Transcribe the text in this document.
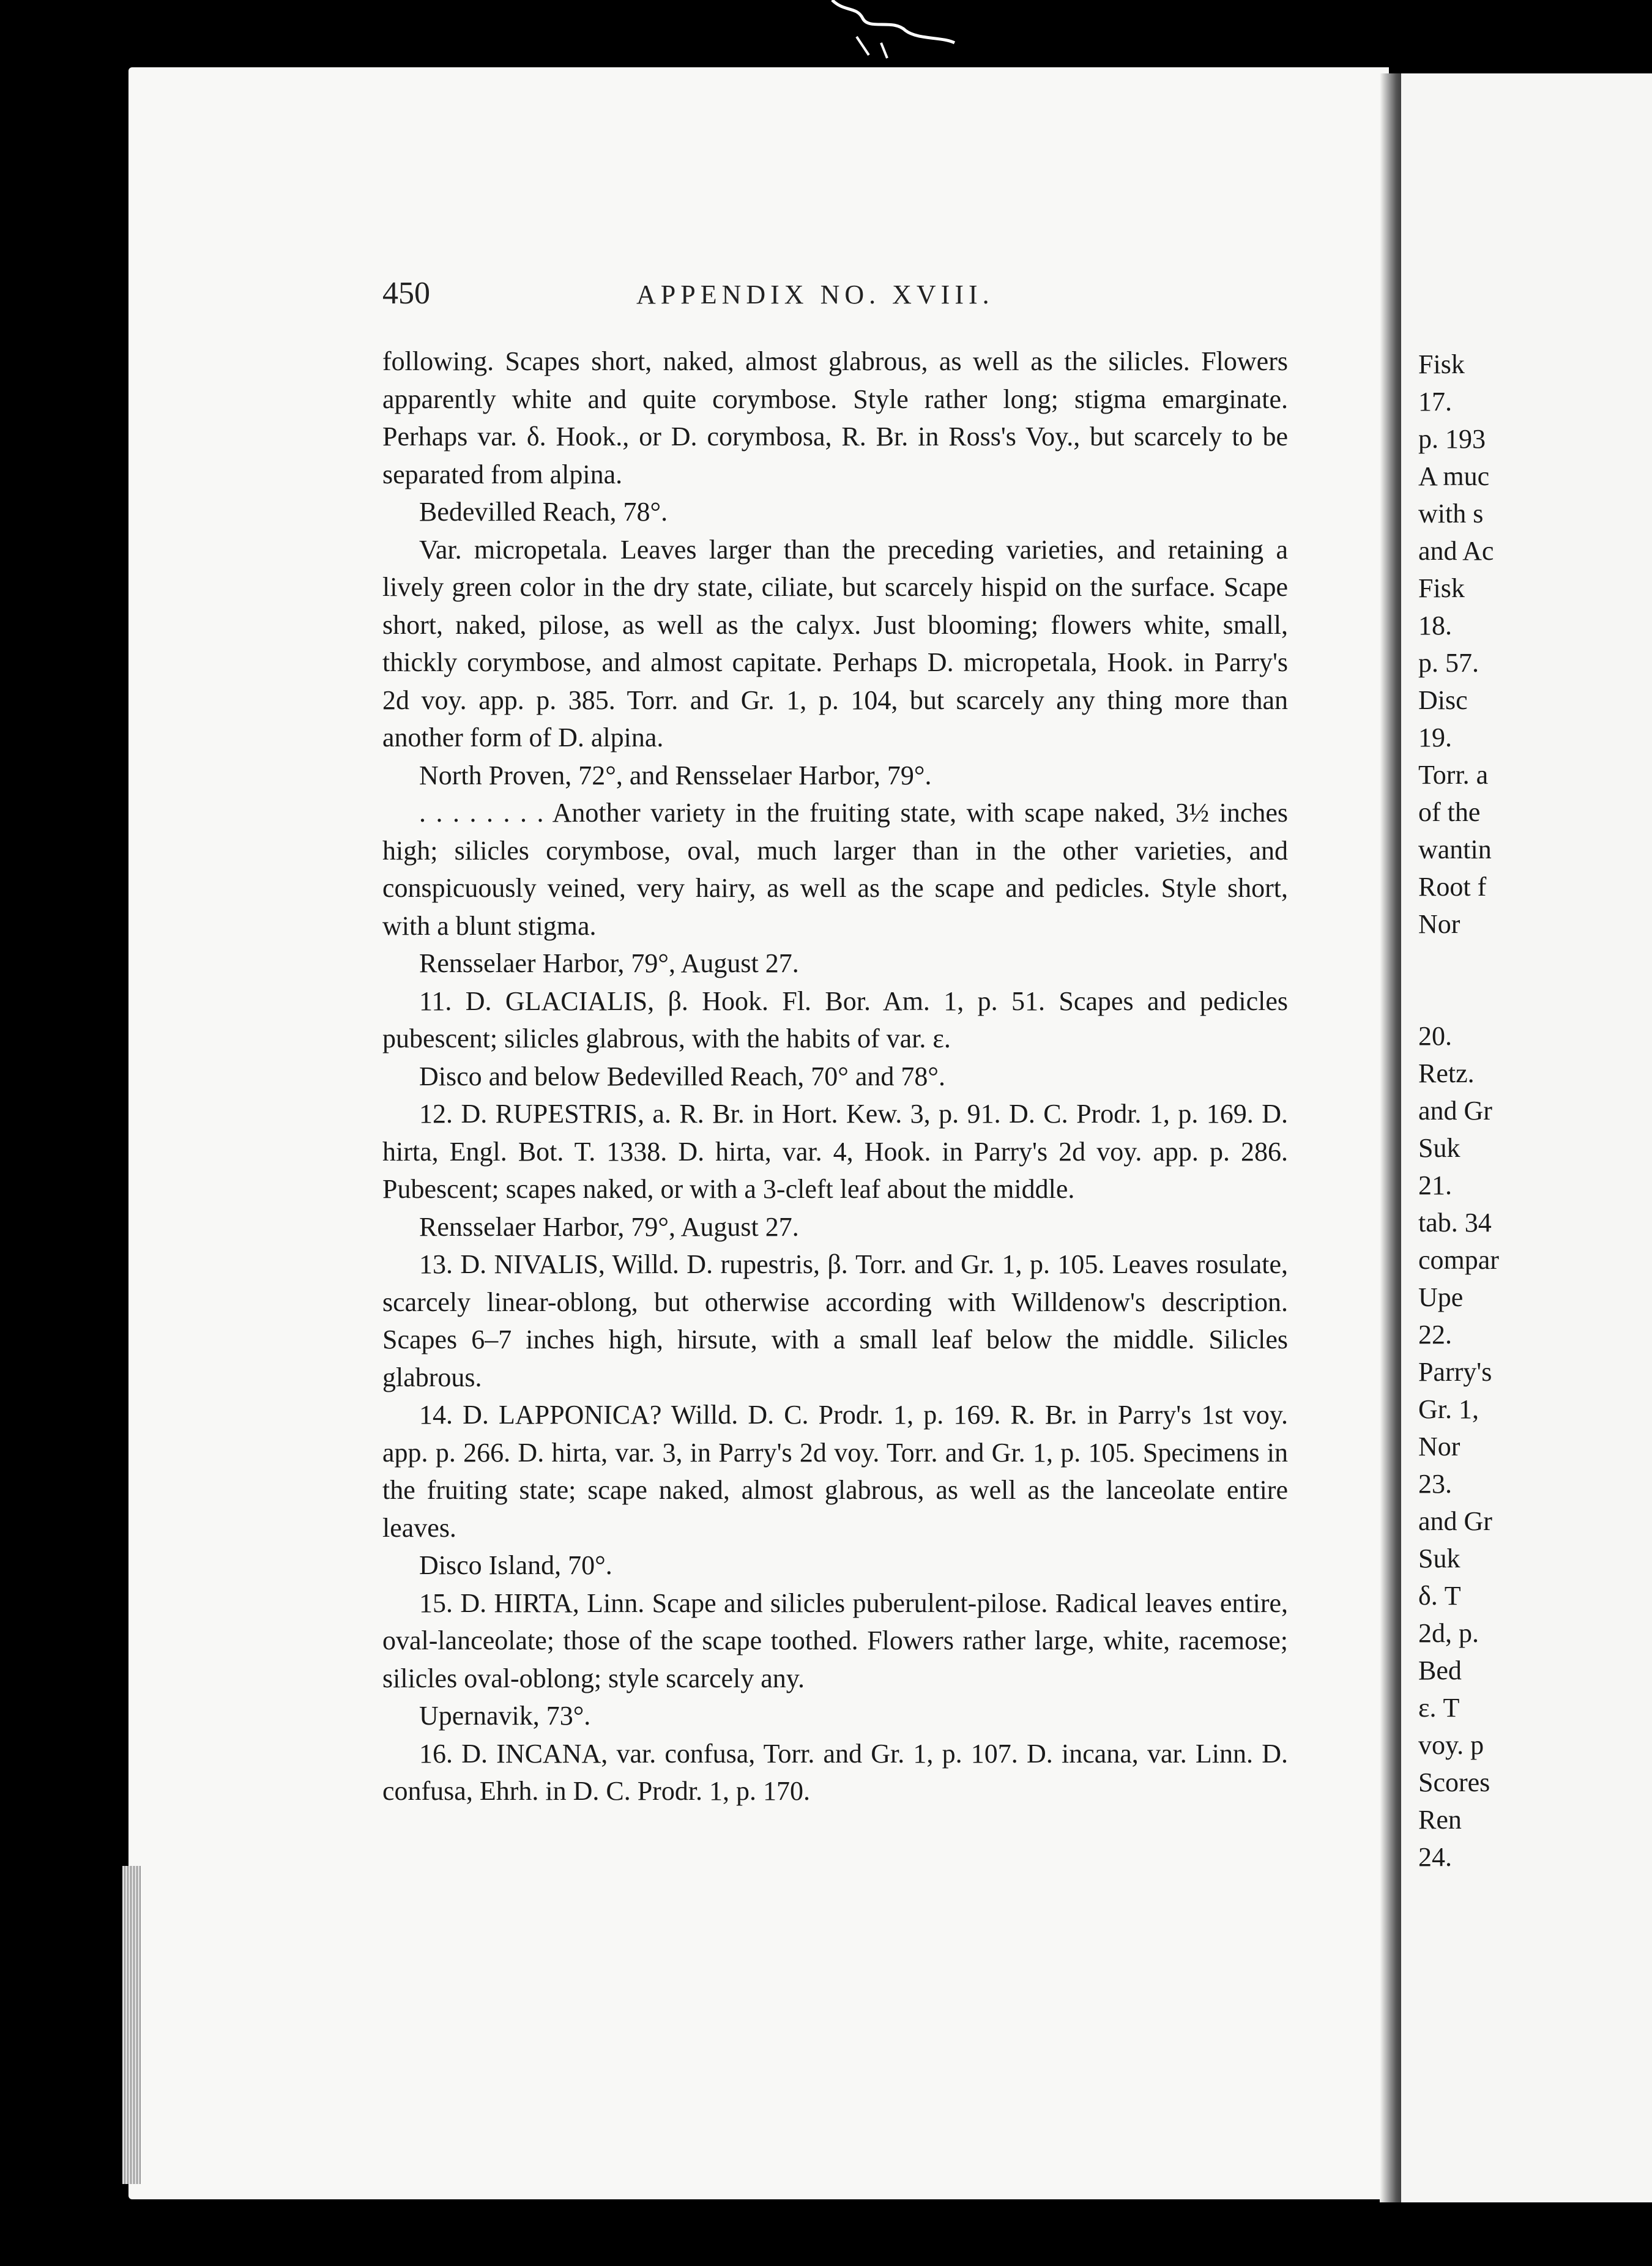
450	APPENDIX NO. XVIII.

following. Scapes short, naked, almost glabrous, as well as the silicles. Flowers apparently white and quite corymbose. Style rather long; stigma emarginate. Perhaps var. δ. Hook., or D. corymbosa, R. Br. in Ross's Voy., but scarcely to be separated from alpina.

Bedevilled Reach, 78°.

Var. micropetala. Leaves larger than the preceding varieties, and retaining a lively green color in the dry state, ciliate, but scarcely hispid on the surface. Scape short, naked, pilose, as well as the calyx. Just blooming; flowers white, small, thickly corymbose, and almost capitate. Perhaps D. micropetala, Hook. in Parry's 2d voy. app. p. 385. Torr. and Gr. 1, p. 104, but scarcely any thing more than another form of D. alpina.

North Proven, 72°, and Rensselaer Harbor, 79°.

. . . . . . . . Another variety in the fruiting state, with scape naked, 3½ inches high; silicles corymbose, oval, much larger than in the other varieties, and conspicuously veined, very hairy, as well as the scape and pedicles. Style short, with a blunt stigma.

Rensselaer Harbor, 79°, August 27.

11. D. GLACIALIS, β. Hook. Fl. Bor. Am. 1, p. 51. Scapes and pedicles pubescent; silicles glabrous, with the habits of var. ε.

Disco and below Bedevilled Reach, 70° and 78°.

12. D. RUPESTRIS, a. R. Br. in Hort. Kew. 3, p. 91. D. C. Prodr. 1, p. 169. D. hirta, Engl. Bot. T. 1338. D. hirta, var. 4, Hook. in Parry's 2d voy. app. p. 286. Pubescent; scapes naked, or with a 3-cleft leaf about the middle.

Rensselaer Harbor, 79°, August 27.

13. D. NIVALIS, Willd. D. rupestris, β. Torr. and Gr. 1, p. 105. Leaves rosulate, scarcely linear-oblong, but otherwise according with Willdenow's description. Scapes 6–7 inches high, hirsute, with a small leaf below the middle. Silicles glabrous.

14. D. LAPPONICA? Willd. D. C. Prodr. 1, p. 169. R. Br. in Parry's 1st voy. app. p. 266. D. hirta, var. 3, in Parry's 2d voy. Torr. and Gr. 1, p. 105. Specimens in the fruiting state; scape naked, almost glabrous, as well as the lanceolate entire leaves.

Disco Island, 70°.

15. D. HIRTA, Linn. Scape and silicles puberulent-pilose. Radical leaves entire, oval-lanceolate; those of the scape toothed. Flowers rather large, white, racemose; silicles oval-oblong; style scarcely any.

Upernavik, 73°.

16. D. INCANA, var. confusa, Torr. and Gr. 1, p. 107. D. incana, var. Linn. D. confusa, Ehrh. in D. C. Prodr. 1, p. 170.

Fisk
17.
p. 193
A muc
with s
and Ac
Fisk
18.
p. 57.
Disc
19.
Torr. a
of the
wantin
Root f
Nor
20.
Retz.
and Gr
Suk
21.
tab. 34
compar
Upe
22.
Parry's
Gr. 1,
Nor
23.
and Gr
Suk
δ. T
2d, p.
Bed
ε. T
voy. p
Scores
Ren
24.
